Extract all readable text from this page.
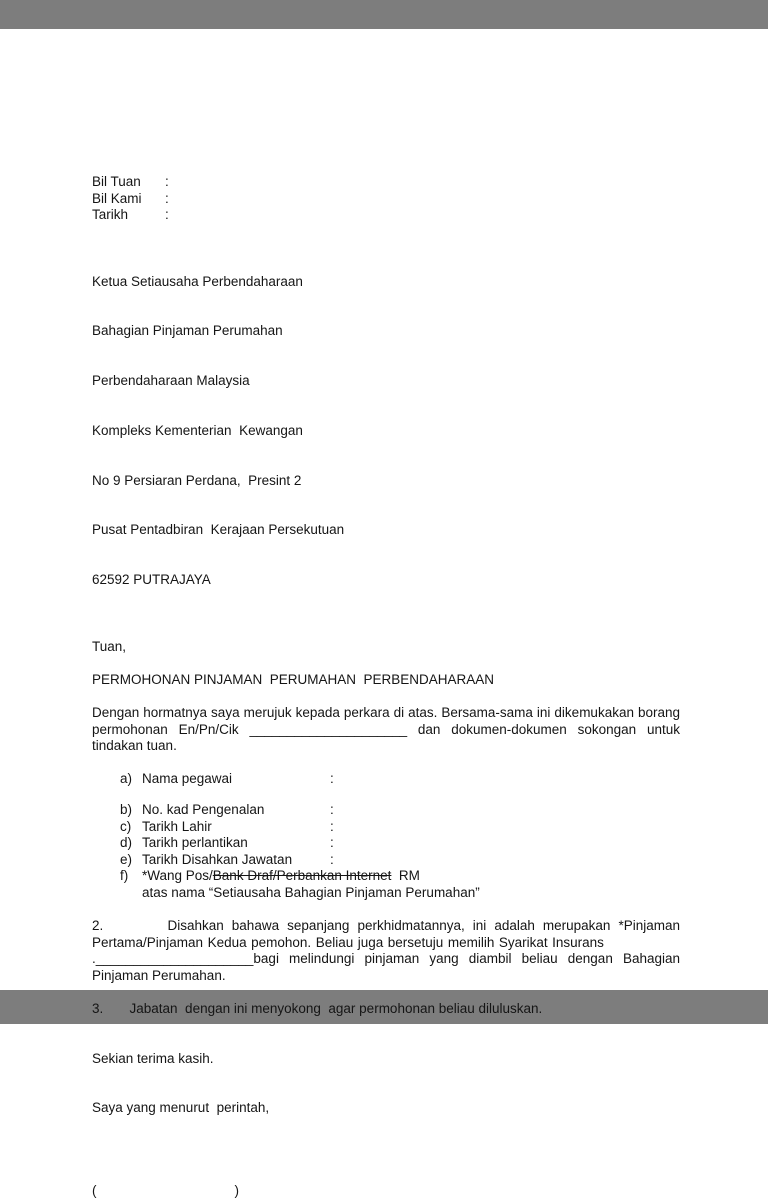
Bil Tuan	:
Bil Kami	:
Tarikh	:

Ketua Setiausaha Perbendaharaan

Bahagian Pinjaman Perumahan

Perbendaharaan Malaysia

Kompleks Kementerian  Kewangan

No 9 Persiaran Perdana,  Presint 2

Pusat Pentadbiran  Kerajaan Persekutuan

62592 PUTRAJAYA

Tuan,
PERMOHONAN PINJAMAN  PERUMAHAN  PERBENDAHARAAN
Dengan hormatnya saya merujuk kepada perkara di atas. Bersama-sama ini dikemukakan borang permohonan En/Pn/Cik _____________________ dan dokumen-dokumen sokongan untuk tindakan tuan.
a) Nama pegawai	:
b) No. kad Pengenalan	:
c) Tarikh Lahir	:
d) Tarikh perlantikan	:
e) Tarikh Disahkan Jawatan	:
f)	*Wang Pos/Bank Draf/Perbankan Internet  RM
atas nama “Setiausaha Bahagian Pinjaman Perumahan”
2.        Disahkan bahawa sepanjang perkhidmatannya, ini adalah merupakan *Pinjaman Pertama/Pinjaman Kedua pemohon. Beliau juga bersetuju memilih Syarikat Insurans                  ._____________________bagi melindungi pinjaman yang diambil beliau dengan Bahagian Pinjaman Perumahan.
3.       Jabatan  dengan ini menyokong  agar permohonan beliau diluluskan.
Sekian terima kasih.
Saya yang menurut  perintah,
(	)
